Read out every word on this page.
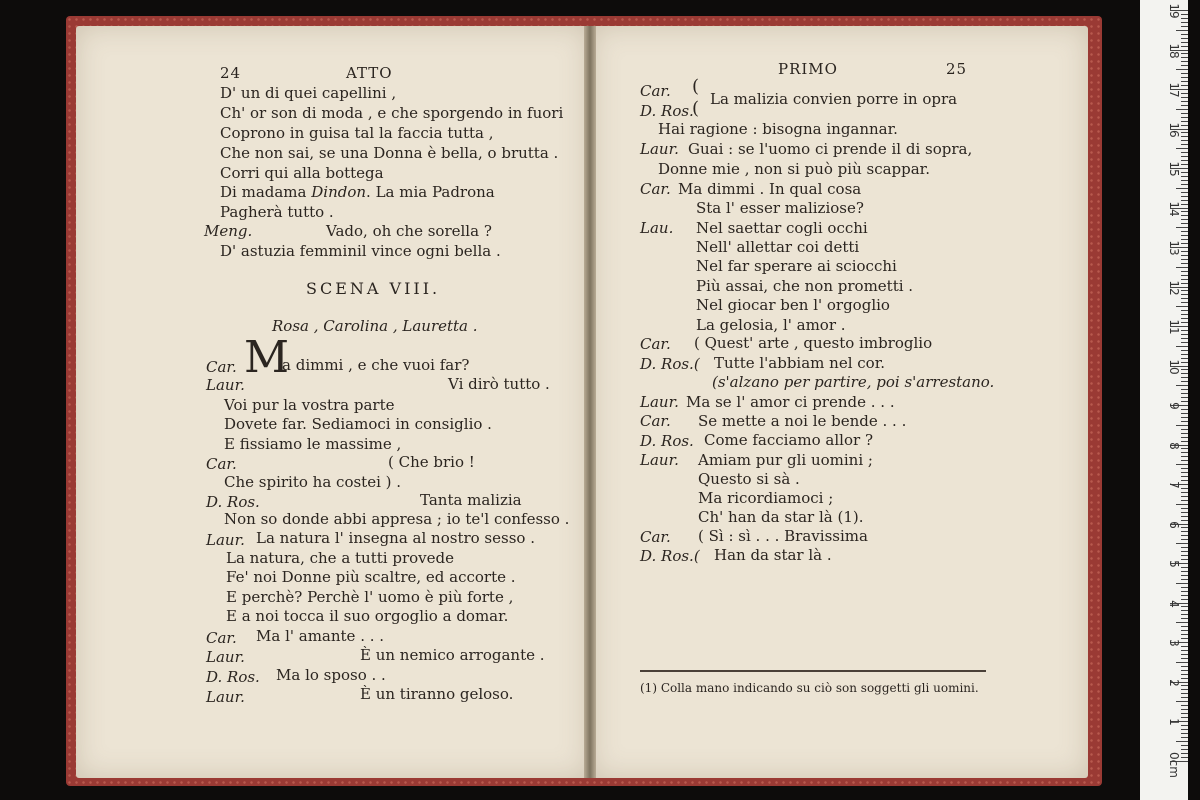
24	ATTO
D' un di quei capellini ,
Ch' or son di moda , e che sporgendo in fuori
Coprono in guisa tal la faccia tutta ,
Che non sai, se una Donna è bella, o brutta .
Corri qui alla bottega
Di madama Dindon. La mia Padrona
Pagherà tutto .
Meng.	Vado, oh che sorella ?
D' astuzia femminil vince ogni bella .
SCENA VIII.
Rosa , Carolina , Lauretta .
Car. M
a dimmi , e che vuoi far?
Laur.	Vi dirò tutto .
Voi pur la vostra parte
Dovete far. Sediamoci in consiglio .
E fissiamo le massime ,
Car.	( Che brio !
Che spirito ha costei ) .
D. Ros.	Tanta malizia
Non so donde abbi appresa ; io te'l confesso .
Laur. La natura l' insegna al nostro sesso .
La natura, che a tutti provede
Fe' noi Donne più scaltre, ed accorte .
E perchè? Perchè l' uomo è più forte ,
E a noi tocca il suo orgoglio a domar.
Car. Ma l' amante . . .
Laur.	È un nemico arrogante .
D. Ros. Ma lo sposo . .
Laur.	È un tiranno geloso.
PRIMO	25
Car. (
La malizia convien porre in opra
D. Ros.
(
Hai ragione : bisogna ingannar.
Laur. Guai : se l'uomo ci prende il di sopra,
Donne mie , non si può più scappar.
Car. Ma dimmi . In qual cosa
Sta l' esser maliziose?
Lau. Nel saettar cogli occhi
Nell' allettar coi detti
Nel far sperare ai sciocchi
Più assai, che non prometti .
Nel giocar ben l' orgoglio
La gelosia, l' amor .
Car. ( Quest' arte , questo imbroglio
D. Ros.( Tutte l'abbiam nel cor.
(s'alzano per partire, poi s'arrestano.
Laur. Ma se l' amor ci prende . . .
Car. Se mette a noi le bende . . .
D. Ros. Come facciamo allor ?
Laur. Amiam pur gli uomini ;
Questo si sà .
Ma ricordiamoci ;
Ch' han da star là (1).
Car. ( Sì : sì . . . Bravissima
D. Ros.( Han da star là .
(1) Colla mano indicando su ciò son soggetti gli uomini.
19
18
17
16
15
14
13
12
11
10
9
8
7
6
5
4
3
2
1
0cm
